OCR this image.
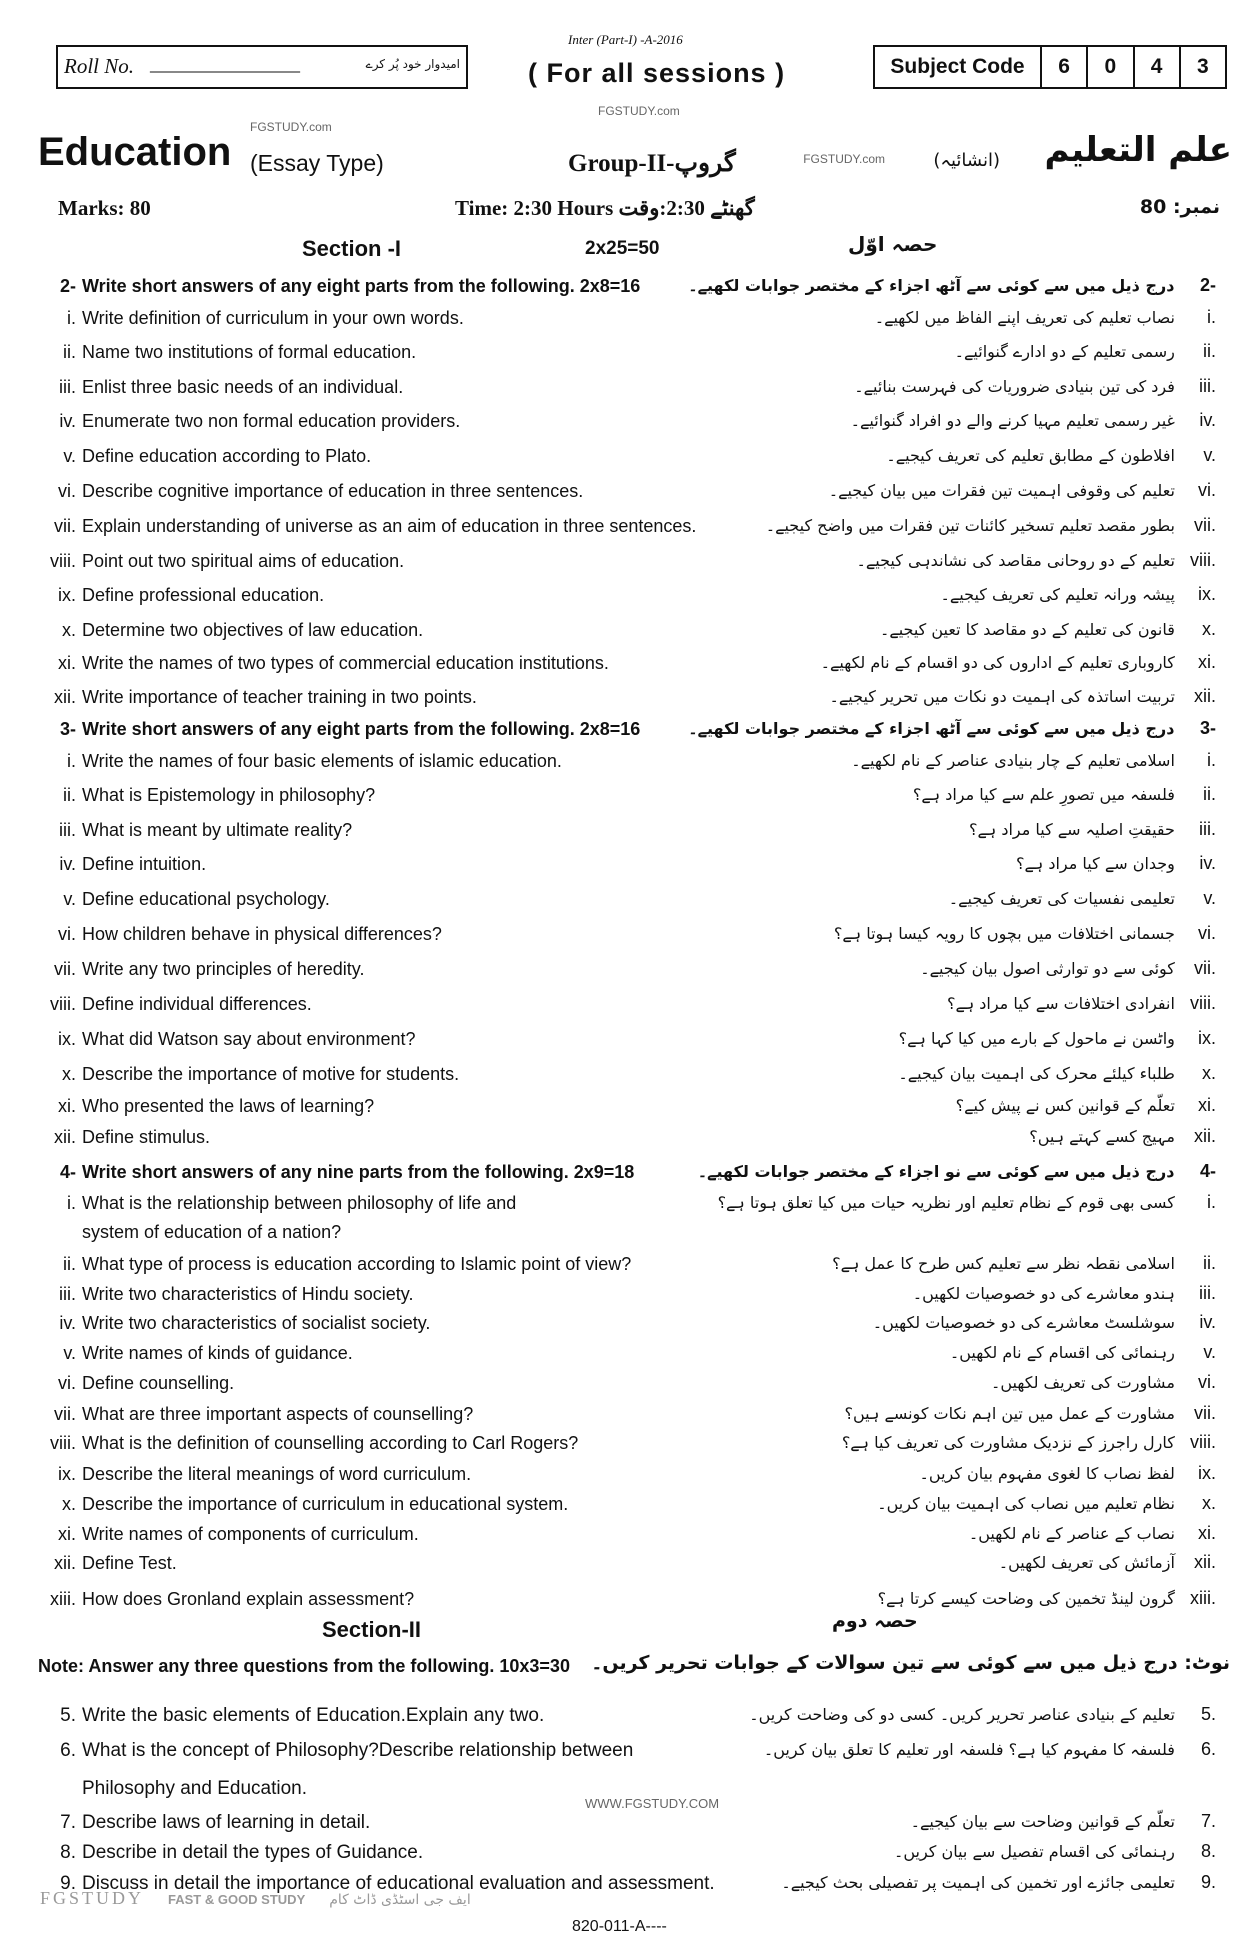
Inter (Part-I) -A-2016
Roll No. _______________	امیدوار خود پُر کرے	( For all sessions )	Subject Code	6	0	4	3
FGSTUDY.com
Education
FGSTUDY.com
(Essay Type)	Group-II-گروپ	FGSTUDY.com	(انشائیہ) علم التعلیم
Marks: 80	Time: 2:30 Hours گھنٹے 2:30:وقت	نمبر: 80
Section -I	2x25=50	حصہ اوّل
2- Write short answers of any eight parts from the following. 2x8=16	2- درج ذیل میں سے کوئی سے آٹھ اجزاء کے مختصر جوابات لکھیے۔
i. Write definition of curriculum in your own words.	i. نصاب تعلیم کی تعریف اپنے الفاظ میں لکھیے۔
ii. Name two institutions of formal education.	ii. رسمی تعلیم کے دو ادارے گنوائیے۔
iii. Enlist three basic needs of an individual.	iii. فرد کی تین بنیادی ضروریات کی فہرست بنائیے۔
iv. Enumerate two non formal education providers.	iv. غیر رسمی تعلیم مہیا کرنے والے دو افراد گنوائیے۔
v. Define education according to Plato.	v. افلاطون کے مطابق تعلیم کی تعریف کیجیے۔
vi. Describe cognitive importance of education in three sentences.	vi. تعلیم کی وقوفی اہمیت تین فقرات میں بیان کیجیے۔
vii. Explain understanding of universe as an aim of education in three sentences.	vii. بطور مقصد تعلیم تسخیر کائنات تین فقرات میں واضح کیجیے۔
viii. Point out two spiritual aims of education.	viii. تعلیم کے دو روحانی مقاصد کی نشاندہی کیجیے۔
ix. Define professional education.	ix. پیشہ ورانہ تعلیم کی تعریف کیجیے۔
x. Determine two objectives of law education.	x. قانون کی تعلیم کے دو مقاصد کا تعین کیجیے۔
xi. Write the names of two types of commercial education institutions.	xi. کاروباری تعلیم کے اداروں کی دو اقسام کے نام لکھیے۔
xii. Write importance of teacher training in two points.	xii. تربیت اساتذہ کی اہمیت دو نکات میں تحریر کیجیے۔
3- Write short answers of any eight parts from the following. 2x8=16	3- درج ذیل میں سے کوئی سے آٹھ اجزاء کے مختصر جوابات لکھیے۔
i. Write the names of four basic elements of islamic education.	i. اسلامی تعلیم کے چار بنیادی عناصر کے نام لکھیے۔
ii. What is Epistemology in philosophy?	ii. فلسفہ میں تصورِ علم سے کیا مراد ہے؟
iii. What is meant by ultimate reality?	iii. حقیقتِ اصلیہ سے کیا مراد ہے؟
iv. Define intuition.	iv. وجدان سے کیا مراد ہے؟
v. Define educational psychology.	v. تعلیمی نفسیات کی تعریف کیجیے۔
vi. How children behave in physical differences?	vi. جسمانی اختلافات میں بچوں کا رویہ کیسا ہوتا ہے؟
vii. Write any two principles of heredity.	vii. کوئی سے دو توارثی اصول بیان کیجیے۔
viii. Define individual differences.	viii. انفرادی اختلافات سے کیا مراد ہے؟
ix. What did Watson say about environment?	ix. واٹسن نے ماحول کے بارے میں کیا کہا ہے؟
x. Describe the importance of motive for students.	x. طلباء کیلئے محرک کی اہمیت بیان کیجیے۔
xi. Who presented the laws of learning?	xi. تعلّم کے قوانین کس نے پیش کیے؟
xii. Define stimulus.	xii. مہیج کسے کہتے ہیں؟
4- Write short answers of any nine parts from the following. 2x9=18	4- درج ذیل میں سے کوئی سے نو اجزاء کے مختصر جوابات لکھیے۔
i. What is the relationship between philosophy of life and	i. کسی بھی قوم کے نظام تعلیم اور نظریہ حیات میں کیا تعلق ہوتا ہے؟
system of education of a nation?
ii. What type of process is education according to Islamic point of view?	ii. اسلامی نقطہ نظر سے تعلیم کس طرح کا عمل ہے؟
iii. Write two characteristics of Hindu society.	iii. ہندو معاشرے کی دو خصوصیات لکھیں۔
iv. Write two characteristics of socialist society.	iv. سوشلسٹ معاشرے کی دو خصوصیات لکھیں۔
v. Write names of kinds of guidance.	v. رہنمائی کی اقسام کے نام لکھیں۔
vi. Define counselling.	vi. مشاورت کی تعریف لکھیں۔
vii. What are three important aspects of counselling?	vii. مشاورت کے عمل میں تین اہم نکات کونسے ہیں؟
viii. What is the definition of counselling according to Carl Rogers?	viii. کارل راجرز کے نزدیک مشاورت کی تعریف کیا ہے؟
ix. Describe the literal meanings of word curriculum.	ix. لفظ نصاب کا لغوی مفہوم بیان کریں۔
x. Describe the importance of curriculum in educational system.	x. نظام تعلیم میں نصاب کی اہمیت بیان کریں۔
xi. Write names of components of curriculum.	xi. نصاب کے عناصر کے نام لکھیں۔
xii. Define Test.	xii. آزمائش کی تعریف لکھیں۔
xiii. How does Gronland explain assessment?	xiii. گرون لینڈ تخمین کی وضاحت کیسے کرتا ہے؟
Section-II	حصہ دوم
Note: Answer any three questions from the following. 10x3=30 نوٹ: درج ذیل میں سے کوئی سے تین سوالات کے جوابات تحریر کریں۔
5. Write the basic elements of Education.Explain any two.	5. تعلیم کے بنیادی عناصر تحریر کریں۔ کسی دو کی وضاحت کریں۔
6. What is the concept of Philosophy?Describe relationship between	6. فلسفہ کا مفہوم کیا ہے؟ فلسفہ اور تعلیم کا تعلق بیان کریں۔
Philosophy and Education.
7. Describe laws of learning in detail.	7. تعلّم کے قوانین وضاحت سے بیان کیجیے۔
8. Describe in detail the types of Guidance.	8. رہنمائی کی اقسام تفصیل سے بیان کریں۔
9. Discuss in detail the importance of educational evaluation and assessment.	9. تعلیمی جائزے اور تخمین کی اہمیت پر تفصیلی بحث کیجیے۔
WWW.FGSTUDY.COM
FGSTUDY FAST & GOOD STUDY ایف جی اسٹڈی ڈاٹ کام
820-011-A----
